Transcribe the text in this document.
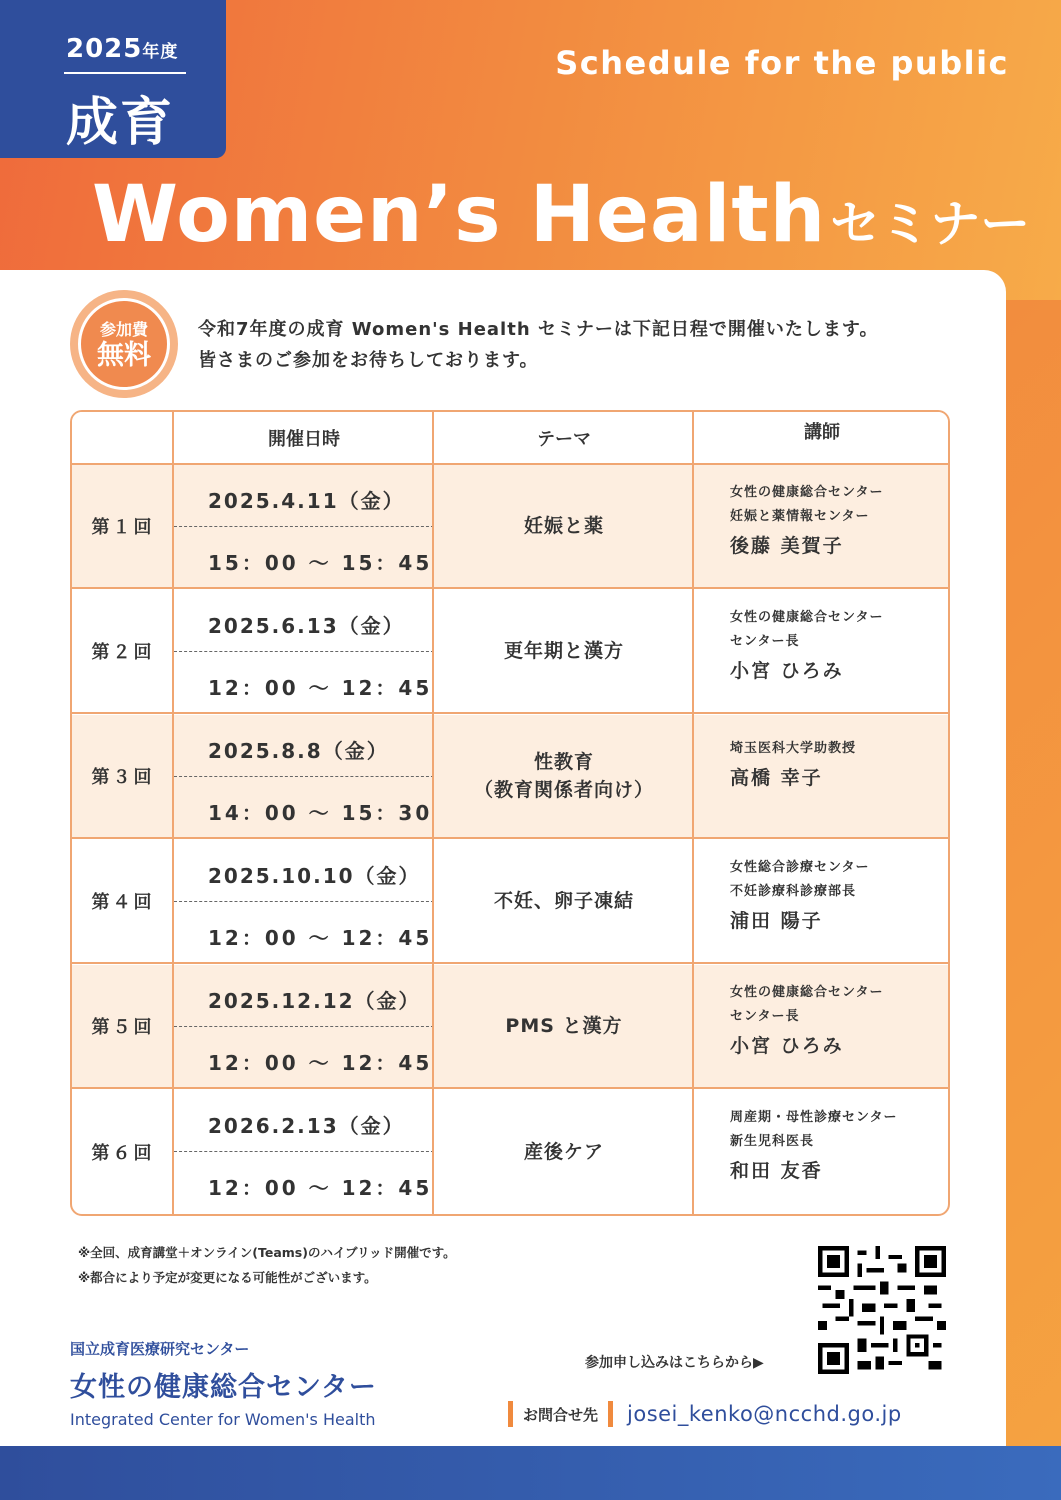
2025年度
成育
Schedule for the public
Women’s Healthセミナー
参加費
無料
令和7年度の成育 Women's Health セミナーは下記日程で開催いたします。
皆さまのご参加をお待ちしております。
開催日時	テーマ	講師
第１回
2025.4.11（金）
15：00 ～ 15：45
妊娠と薬
女性の健康総合センター
妊娠と薬情報センター
後藤 美賀子
第２回
2025.6.13（金）
12：00 ～ 12：45
更年期と漢方
女性の健康総合センター
センター長
小宮 ひろみ
第３回
2025.8.8（金）
14：00 ～ 15：30
性教育
（教育関係者向け）
埼玉医科大学助教授
高橋 幸子
第４回
2025.10.10（金）
12：00 ～ 12：45
不妊、卵子凍結
女性総合診療センター
不妊診療科診療部長
浦田 陽子
第５回
2025.12.12（金）
12：00 ～ 12：45
PMS と漢方
女性の健康総合センター
センター長
小宮 ひろみ
第６回
2026.2.13（金）
12：00 ～ 12：45
産後ケア
周産期・母性診療センター
新生児科医長
和田 友香
※全回、成育講堂＋オンライン(Teams)のハイブリッド開催です。
※都合により予定が変更になる可能性がございます。
国立成育医療研究センター
女性の健康総合センター
Integrated Center for Women's Health
参加申し込みはこちらから▶
お問合せ先 josei_kenko@ncchd.go.jp
